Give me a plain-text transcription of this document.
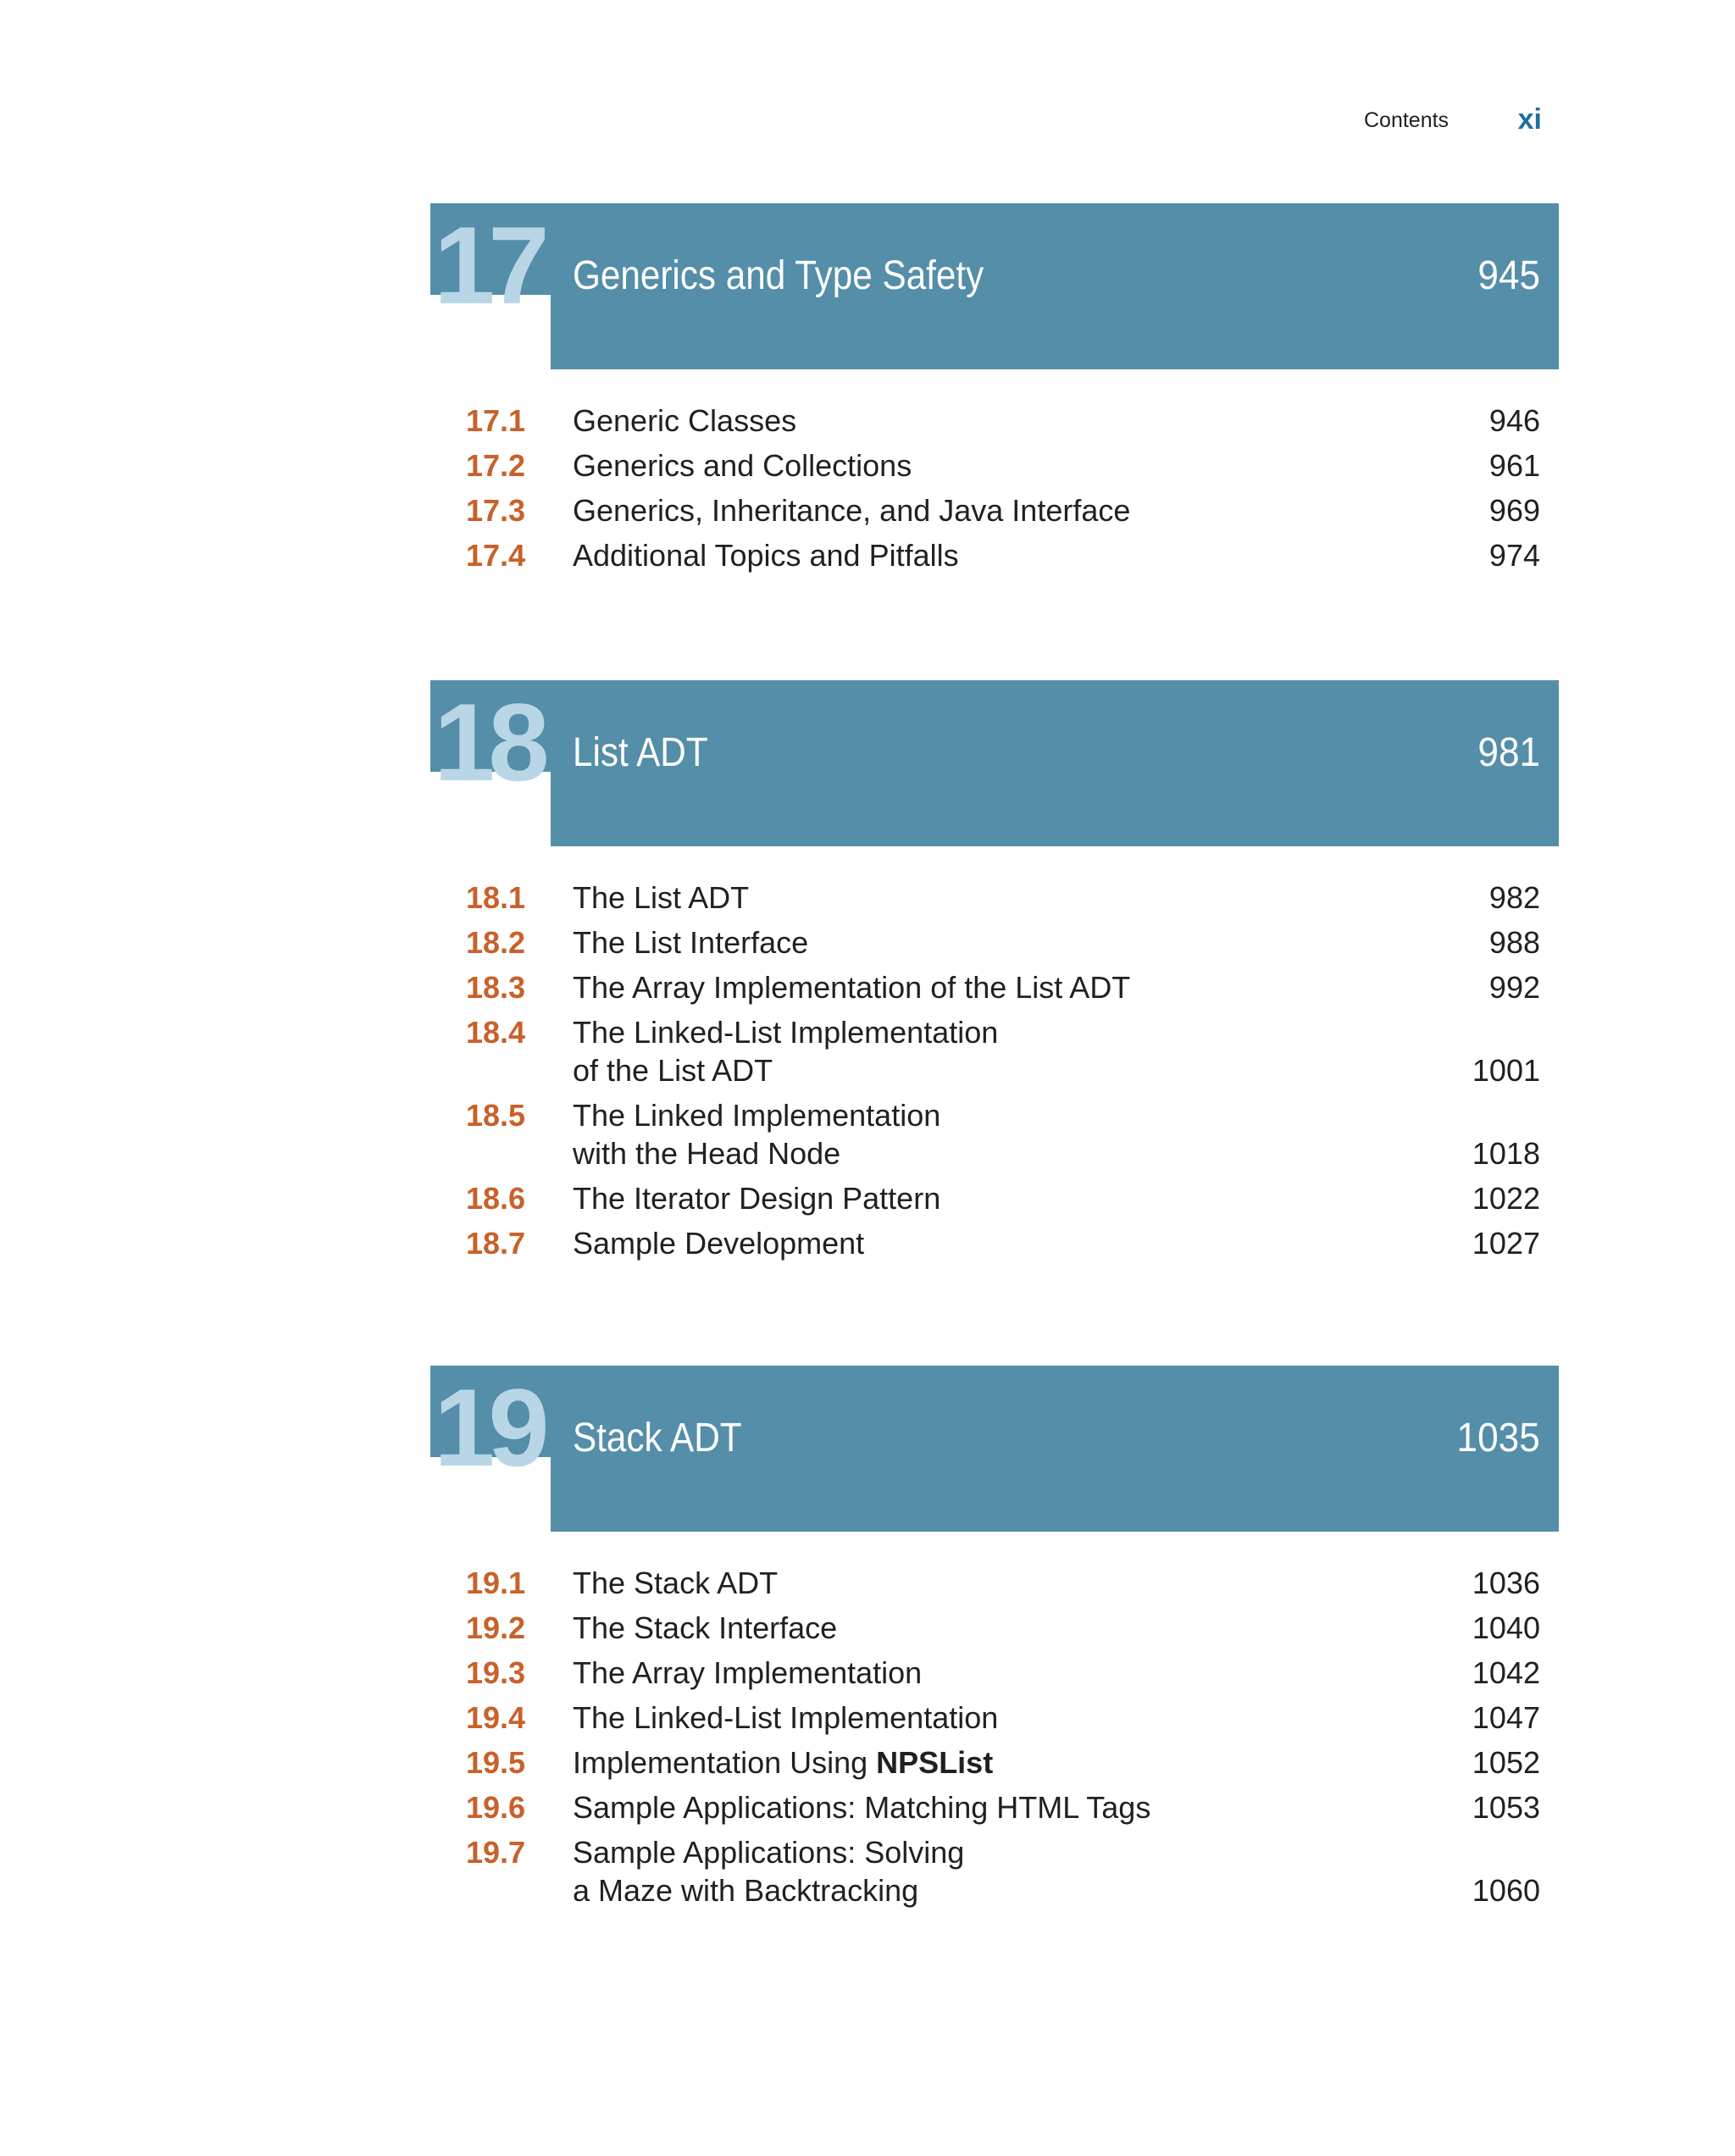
Contents xi
17 Generics and Type Safety	945
17.1 Generic Classes	946
17.2 Generics and Collections	961
17.3 Generics, Inheritance, and Java Interface	969
17.4 Additional Topics and Pitfalls	974
18 List ADT	981
18.1 The List ADT	982
18.2 The List Interface	988
18.3 The Array Implementation of the List ADT	992
18.4 The Linked-List Implementation
of the List ADT	1001
18.5 The Linked Implementation
with the Head Node	1018
18.6 The Iterator Design Pattern	1022
18.7 Sample Development	1027
19 Stack ADT	1035
19.1 The Stack ADT	1036
19.2 The Stack Interface	1040
19.3 The Array Implementation	1042
19.4 The Linked-List Implementation	1047
19.5 Implementation Using NPSList	1052
19.6 Sample Applications: Matching HTML Tags	1053
19.7 Sample Applications: Solving
a Maze with Backtracking	1060
